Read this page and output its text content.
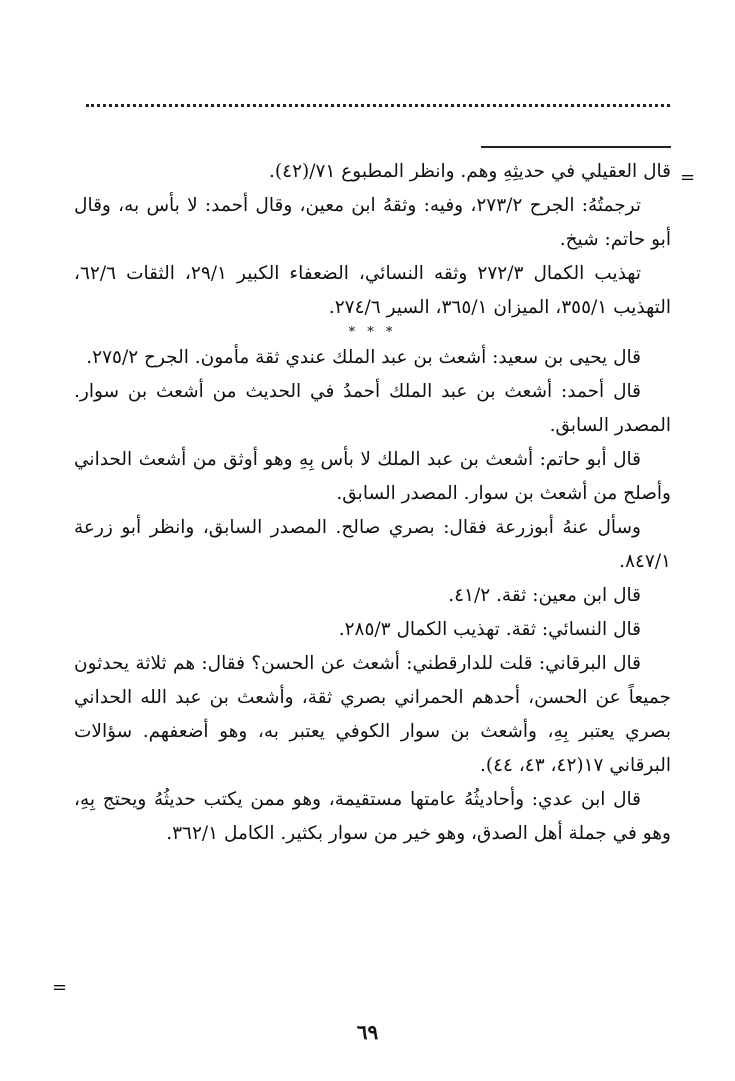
=

قال العقيلي في حديثِهِ وهم. وانظر المطبوع ٧١/(٤٢).

ترجمتُهُ: الجرح ٢٧٣/٢، وفيه: وثقهُ ابن معين، وقال أحمد: لا بأس به، وقال أبو حاتم: شيخ.

تهذيب الكمال ٢٧٢/٣ وثقه النسائي، الضعفاء الكبير ٢٩/١، الثقات ٦٢/٦، التهذيب ٣٥٥/١، الميزان ٣٦٥/١، السير ٢٧٤/٦.

* * *

قال يحيى بن سعيد: أشعث بن عبد الملك عندي ثقة مأمون. الجرح ٢٧٥/٢.

قال أحمد: أشعث بن عبد الملك أحمدُ في الحديث من أشعث بن سوار. المصدر السابق.

قال أبو حاتم: أشعث بن عبد الملك لا بأس بِهِ وهو أوثق من أشعث الحداني وأصلح من أشعث بن سوار. المصدر السابق.

وسأل عنهُ أبوزرعة فقال: بصري صالح. المصدر السابق، وانظر أبو زرعة ٨٤٧/١.

قال ابن معين: ثقة. ٤١/٢.

قال النسائي: ثقة. تهذيب الكمال ٢٨٥/٣.

قال البرقاني: قلت للدارقطني: أشعث عن الحسن؟ فقال: هم ثلاثة يحدثون جميعاً عن الحسن، أحدهم الحمراني بصري ثقة، وأشعث بن عبد الله الحداني بصري يعتبر بِهِ، وأشعث بن سوار الكوفي يعتبر به، وهو أضعفهم. سؤالات البرقاني ١٧(٤٢، ٤٣، ٤٤).

قال ابن عدي: وأحاديثُهُ عامتها مستقيمة، وهو ممن يكتب حديثُهُ ويحتج بِهِ، وهو في جملة أهل الصدق، وهو خير من سوار بكثير. الكامل ٣٦٢/١.

=
٦٩
